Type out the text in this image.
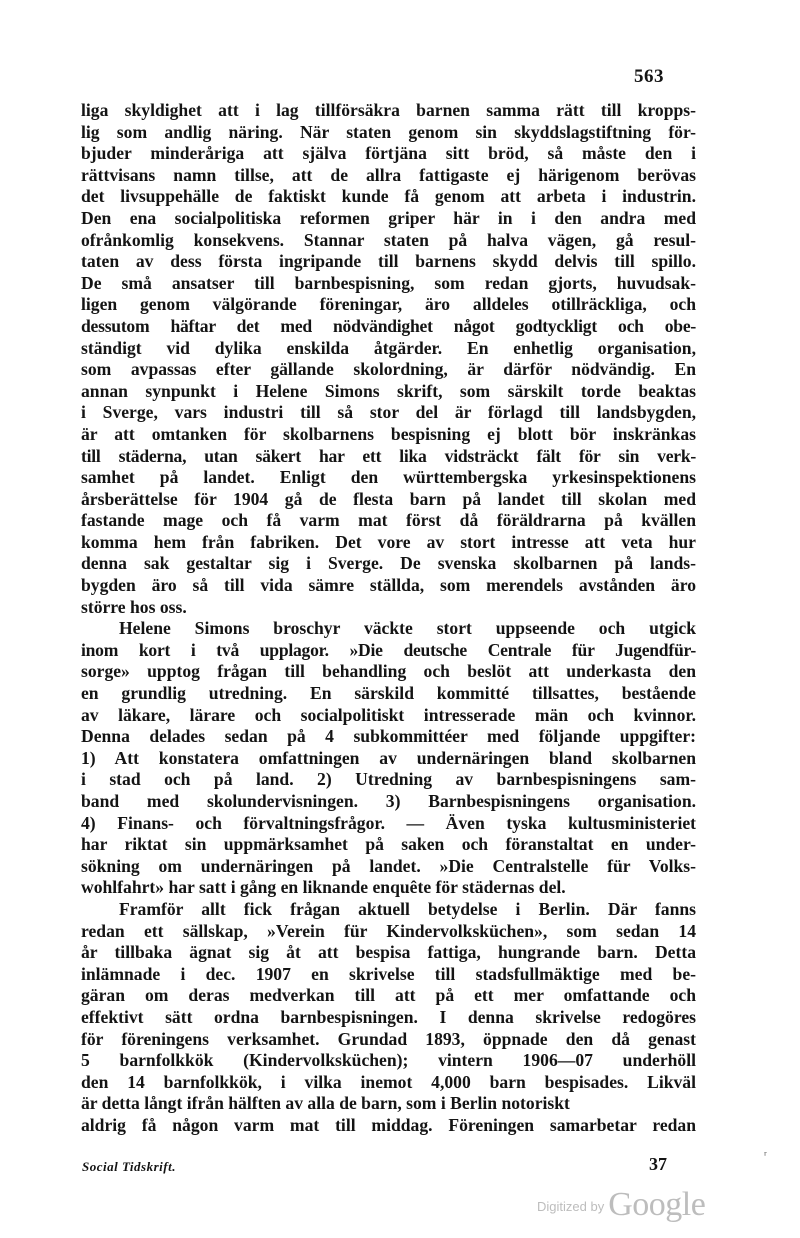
563
liga skyldighet att i lag tillförsäkra barnen samma rätt till kropps-
lig som andlig näring. När staten genom sin skyddslagstiftning för-
bjuder minderåriga att själva förtjäna sitt bröd, så måste den i
rättvisans namn tillse, att de allra fattigaste ej härigenom berövas
det livsuppehälle de faktiskt kunde få genom att arbeta i industrin.
Den ena socialpolitiska reformen griper här in i den andra med
ofrånkomlig konsekvens. Stannar staten på halva vägen, gå resul-
taten av dess första ingripande till barnens skydd delvis till spillo.
De små ansatser till barnbespisning, som redan gjorts, huvudsak-
ligen genom välgörande föreningar, äro alldeles otillräckliga, och
dessutom häftar det med nödvändighet något godtyckligt och obe-
ständigt vid dylika enskilda åtgärder. En enhetlig organisation,
som avpassas efter gällande skolordning, är därför nödvändig. En
annan synpunkt i Helene Simons skrift, som särskilt torde beaktas
i Sverge, vars industri till så stor del är förlagd till landsbygden,
är att omtanken för skolbarnens bespisning ej blott bör inskränkas
till städerna, utan säkert har ett lika vidsträckt fält för sin verk-
samhet på landet. Enligt den württembergska yrkesinspektionens
årsberättelse för 1904 gå de flesta barn på landet till skolan med
fastande mage och få varm mat först då föräldrarna på kvällen
komma hem från fabriken. Det vore av stort intresse att veta hur
denna sak gestaltar sig i Sverge. De svenska skolbarnen på lands-
bygden äro så till vida sämre ställda, som merendels avstånden äro
större hos oss.
Helene Simons broschyr väckte stort uppseende och utgick
inom kort i två upplagor. »Die deutsche Centrale für Jugendfür-
sorge» upptog frågan till behandling och beslöt att underkasta den
en grundlig utredning. En särskild kommitté tillsattes, bestående
av läkare, lärare och socialpolitiskt intresserade män och kvinnor.
Denna delades sedan på 4 subkommittéer med följande uppgifter:
1) Att konstatera omfattningen av undernäringen bland skolbarnen
i stad och på land. 2) Utredning av barnbespisningens sam-
band med skolundervisningen. 3) Barnbespisningens organisation.
4) Finans- och förvaltningsfrågor. — Även tyska kultusministeriet
har riktat sin uppmärksamhet på saken och föranstaltat en under-
sökning om undernäringen på landet. »Die Centralstelle für Volks-
wohlfahrt» har satt i gång en liknande enquête för städernas del.
Framför allt fick frågan aktuell betydelse i Berlin. Där fanns
redan ett sällskap, »Verein für Kindervolksküchen», som sedan 14
år tillbaka ägnat sig åt att bespisa fattiga, hungrande barn. Detta
inlämnade i dec. 1907 en skrivelse till stadsfullmäktige med be-
gäran om deras medverkan till att på ett mer omfattande och
effektivt sätt ordna barnbespisningen. I denna skrivelse redogöres
för föreningens verksamhet. Grundad 1893, öppnade den då genast
5 barnfolkkök (Kindervolksküchen); vintern 1906—07 underhöll
den 14 barnfolkkök, i vilka inemot 4,000 barn bespisades. Likväl
är detta långt ifrån hälften av alla de barn, som i Berlin notoriskt
aldrig få någon varm mat till middag. Föreningen samarbetar redan
Social Tidskrift.	37	ʳ
Digitized by Google
